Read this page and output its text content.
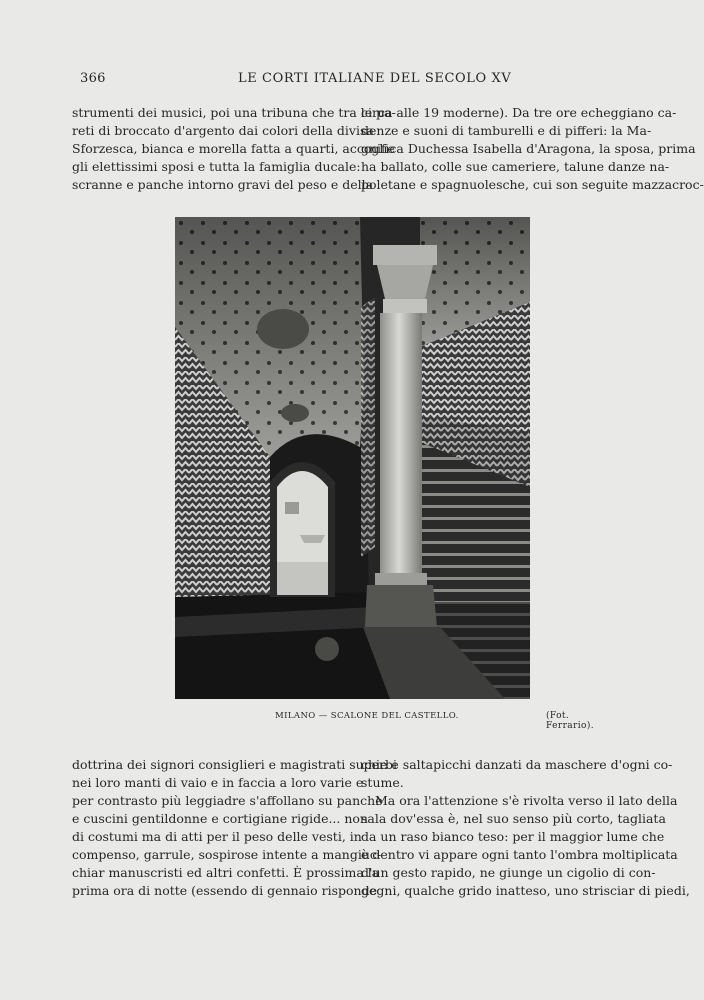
366	LE CORTI ITALIANE DEL SECOLO XV
strumenti dei musici, poi una tribuna che tra le pa-
reti di broccato d'argento dai colori della divisa
Sforzesca, bianca e morella fatta a quarti, accoglie
gli elettissimi sposi e tutta la famiglia ducale:
scranne e panche intorno gravi del peso e della
circa alle 19 moderne). Da tre ore echeggiano ca-
denze e suoni di tamburelli e di pifferi: la Ma-
gnifica Duchessa Isabella d'Aragona, la sposa, prima
ha ballato, colle sue cameriere, talune danze na-
poletane e spagnuolesche, cui son seguite mazzacroc-
MILANO — SCALONE DEL CASTELLO.	(Fot. Ferrario).
dottrina dei signori consiglieri e magistrati superbi
nei loro manti di vaio e in faccia a loro varie e
per contrasto più leggiadre s'affollano su panche
e cuscini gentildonne e cortigiane rigide... non
di costumi ma di atti per il peso delle vesti, in
compenso, garrule, sospirose intente a mangiuc-
chiar manuscristi ed altri confetti. È prossima la
prima ora di notte (essendo di gennaio risponde
chie e saltapicchi danzati da maschere d'ogni co-
stume.
Ma ora l'attenzione s'è rivolta verso il lato della
sala dov'essa è, nel suo senso più corto, tagliata
da un raso bianco teso: per il maggior lume che
è dentro vi appare ogni tanto l'ombra moltiplicata
d'un gesto rapido, ne giunge un cigolio di con-
gegni, qualche grido inatteso, uno strisciar di piedi,
